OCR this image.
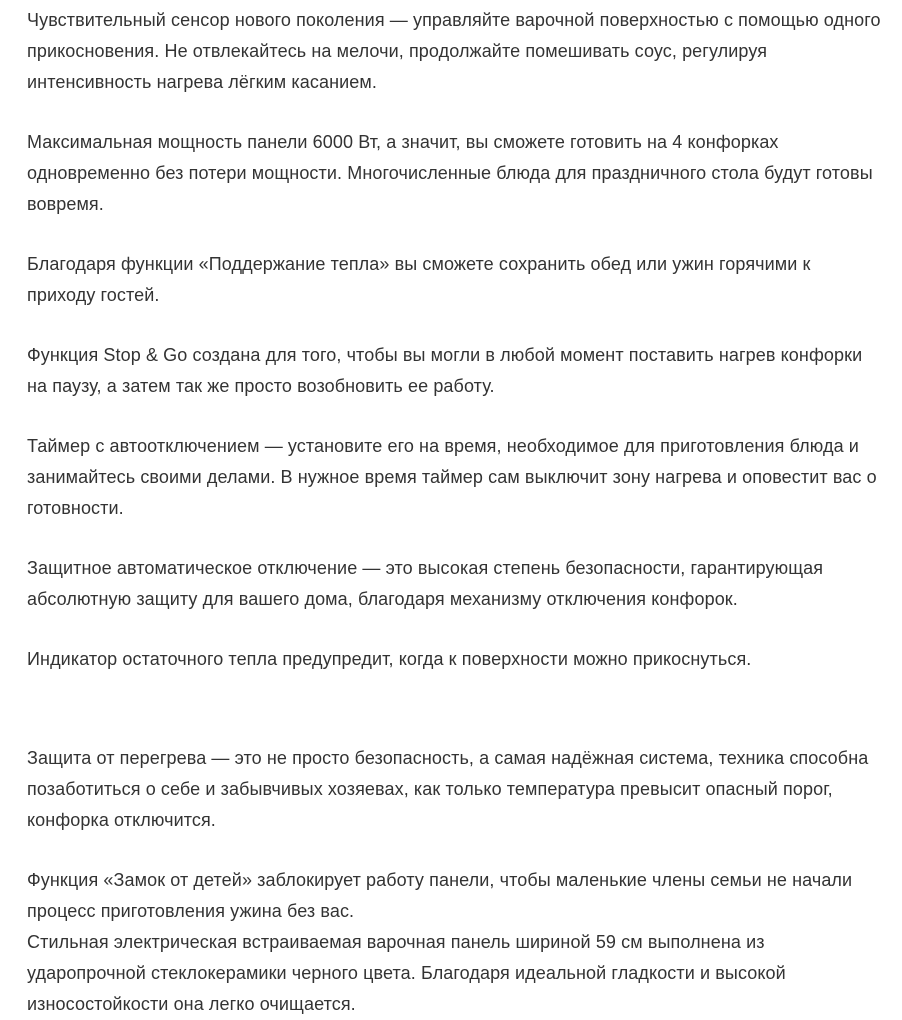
Чувствительный сенсор нового поколения — управляйте варочной поверхностью с помощью одного прикосновения. Не отвлекайтесь на мелочи, продолжайте помешивать соус, регулируя интенсивность нагрева лёгким касанием.

Максимальная мощность панели 6000 Вт, а значит, вы сможете готовить на 4 конфорках одновременно без потери мощности. Многочисленные блюда для праздничного стола будут готовы вовремя.

Благодаря функции «Поддержание тепла» вы сможете сохранить обед или ужин горячими к приходу гостей.

Функция Stop & Go создана для того, чтобы вы могли в любой момент поставить нагрев конфорки на паузу, а затем так же просто возобновить ее работу.

Таймер с автоотключением — установите его на время, необходимое для приготовления блюда и занимайтесь своими делами. В нужное время таймер сам выключит зону нагрева и оповестит вас о готовности.

Защитное автоматическое отключение — это высокая степень безопасности, гарантирующая абсолютную защиту для вашего дома, благодаря механизму отключения конфорок.

Индикатор остаточного тепла предупредит, когда к поверхности можно прикоснуться.

Защита от перегрева — это не просто безопасность, а самая надёжная система, техника способна позаботиться о себе и забывчивых хозяевах, как только температура превысит опасный порог, конфорка отключится.

Функция «Замок от детей» заблокирует работу панели, чтобы маленькие члены семьи не начали процесс приготовления ужина без вас.

Стильная электрическая встраиваемая варочная панель шириной 59 см выполнена из ударопрочной стеклокерамики черного цвета. Благодаря идеальной гладкости и высокой износостойкости она легко очищается.
